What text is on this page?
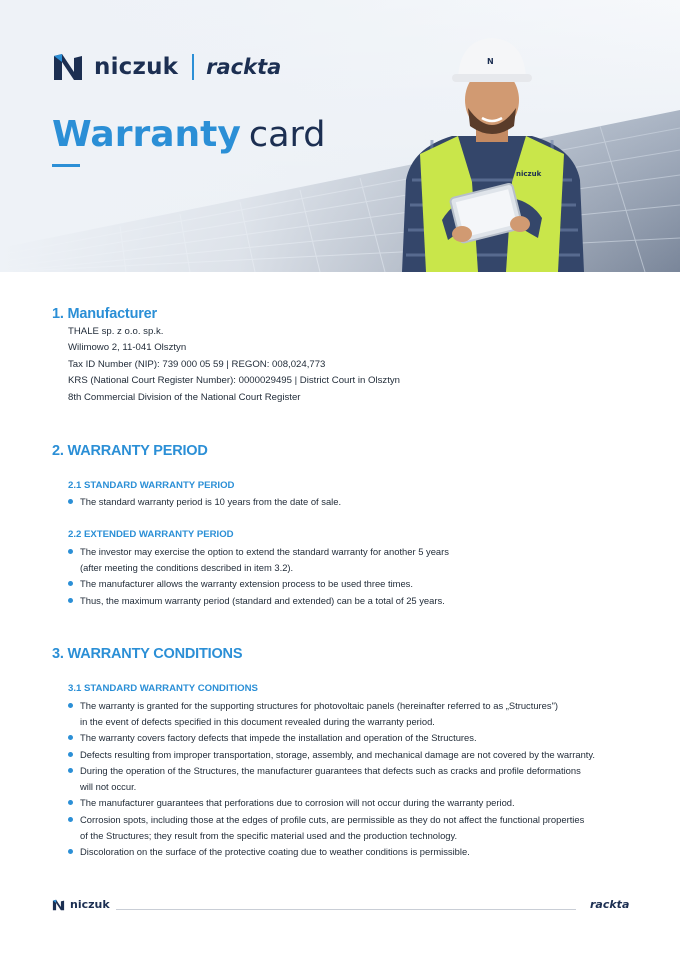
niczuk rackta
Warranty card
niczuk
N
1. Manufacturer
THALE sp. z o.o. sp.k.
Wilimowo 2, 11-041 Olsztyn
Tax ID Number (NIP): 739 000 05 59 | REGON: 008,024,773
KRS (National Court Register Number): 0000029495 | District Court in Olsztyn
8th Commercial Division of the National Court Register
2. WARRANTY PERIOD
2.1 STANDARD WARRANTY PERIOD
The standard warranty period is 10 years from the date of sale.
2.2 EXTENDED WARRANTY PERIOD
The investor may exercise the option to extend the standard warranty for another 5 years
(after meeting the conditions described in item 3.2).
The manufacturer allows the warranty extension process to be used three times.
Thus, the maximum warranty period (standard and extended) can be a total of 25 years.
3. WARRANTY CONDITIONS
3.1 STANDARD WARRANTY CONDITIONS
The warranty is granted for the supporting structures for photovoltaic panels (hereinafter referred to as „Structures")
in the event of defects specified in this document revealed during the warranty period.
The warranty covers factory defects that impede the installation and operation of the Structures.
Defects resulting from improper transportation, storage, assembly, and mechanical damage are not covered by the warranty.
During the operation of the Structures, the manufacturer guarantees that defects such as cracks and profile deformations
will not occur.
The manufacturer guarantees that perforations due to corrosion will not occur during the warranty period.
Corrosion spots, including those at the edges of profile cuts, are permissible as they do not affect the functional properties
of the Structures; they result from the specific material used and the production technology.
Discoloration on the surface of the protective coating due to weather conditions is permissible.
niczuk	rackta
